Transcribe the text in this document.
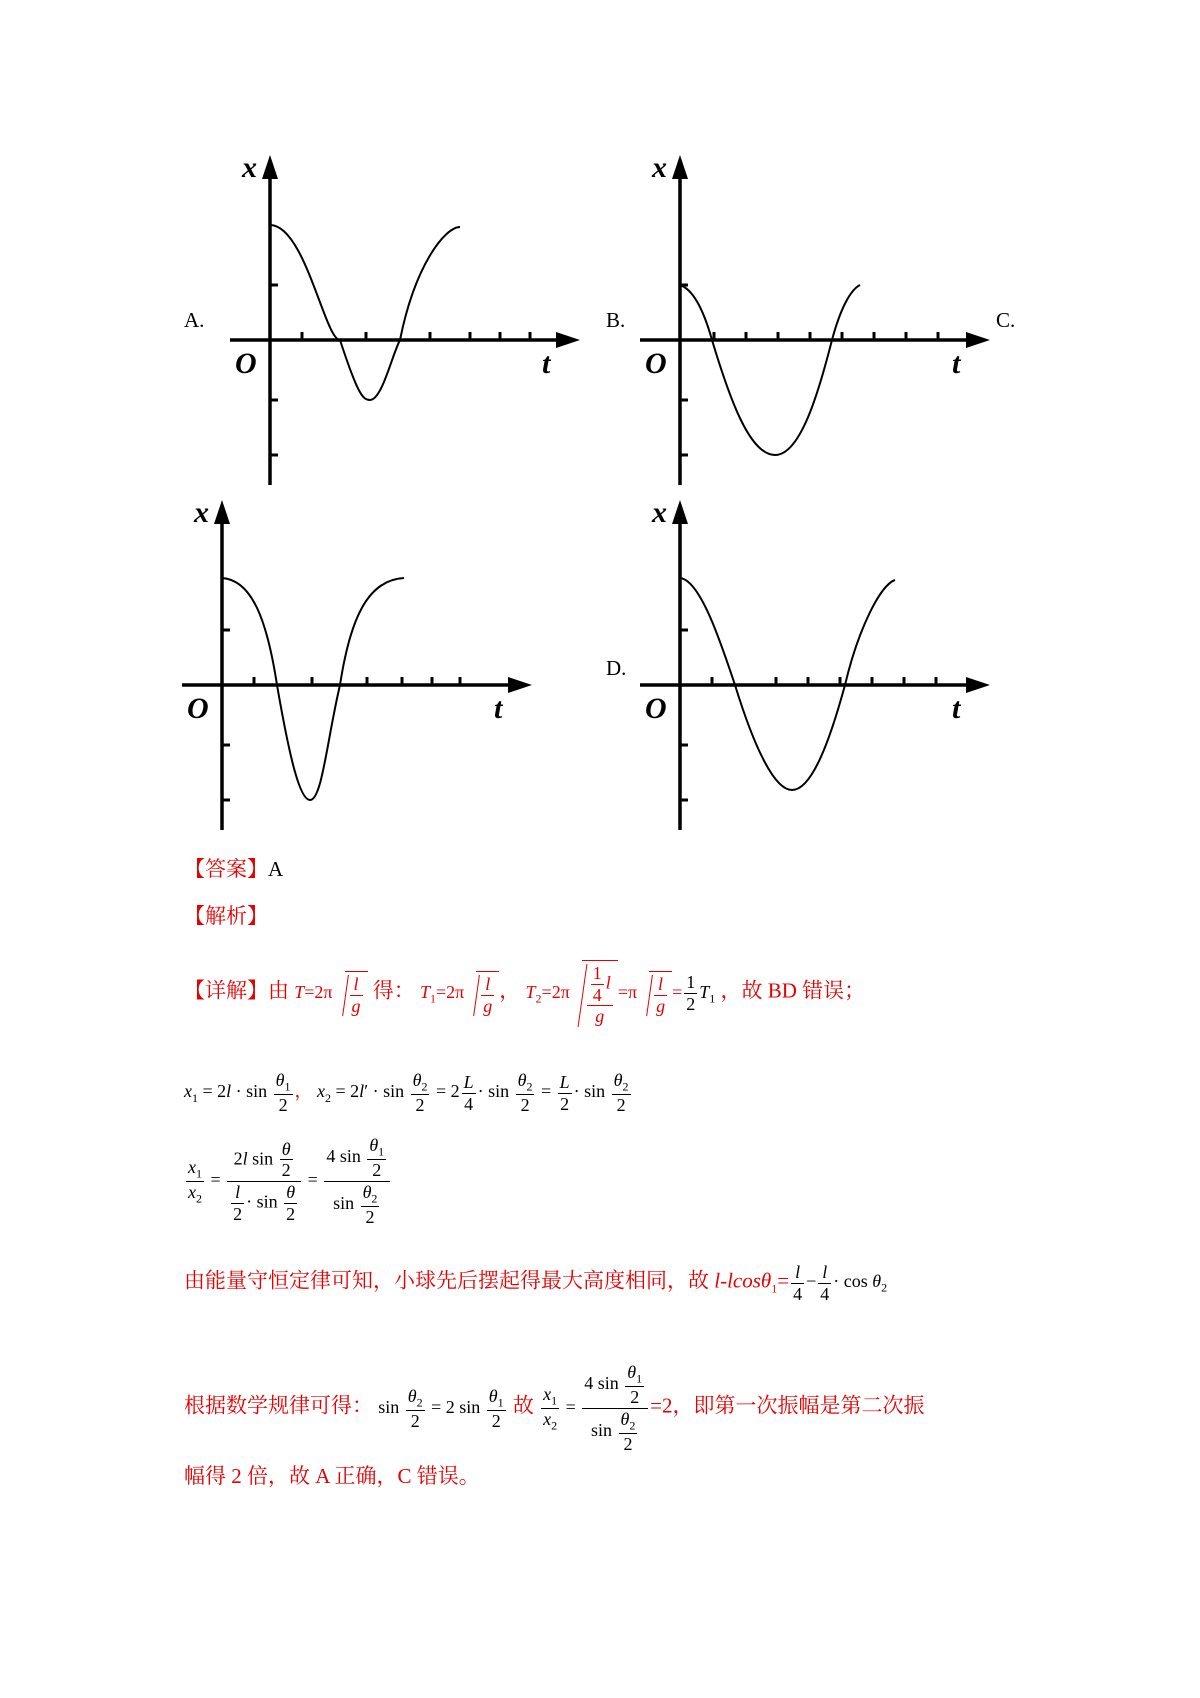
A.	B.	C.
D.
x
O	t
x
O	t
x
O	t
x
O	t
【答案】A
【解析】
【详解】由 $T=2\pi \frac{l}{g}$ 得： $T_1=2\pi \frac{l}{g}$ ， $T_2=2\pi \frac{\frac{1}{4} l}{g} =\pi \frac{l}{g} = \frac{1}{2} T_1$ ，故 BD 错误；
$x_1 = 2l \cdot \sin \frac{\theta_1}{2}$ ， $x_2 = 2l' \cdot \sin \frac{\theta_2}{2} = 2 \frac{L}{4} \cdot \sin \frac{\theta_2}{2} = \frac{L}{2} \cdot \sin \frac{\theta_2}{2}$
$\frac{x_1}{x_2} = \frac{2l \sin \frac{\theta}{2}}{\frac{l}{2} \cdot \sin \frac{\theta}{2}} = \frac{4 \sin \frac{\theta_1}{2}}{\sin \frac{\theta_2}{2}}$
由能量守恒定律可知，小球先后摆起得最大高度相同，故 $l-lcos\theta_1= \frac{l}{4} - \frac{l}{4} \cdot \cos \theta_2$
根据数学规律可得： $\sin \frac{\theta_2}{2} = 2$ $\sin \frac{\theta_1}{2}$ 故 $\frac{x_1}{x_2} = \frac{4 \sin \frac{\theta_1}{2}}{\sin \frac{\theta_2}{2}} =2$，即第一次振幅是第二次振
幅得 2 倍，故 A 正确，C 错误。
